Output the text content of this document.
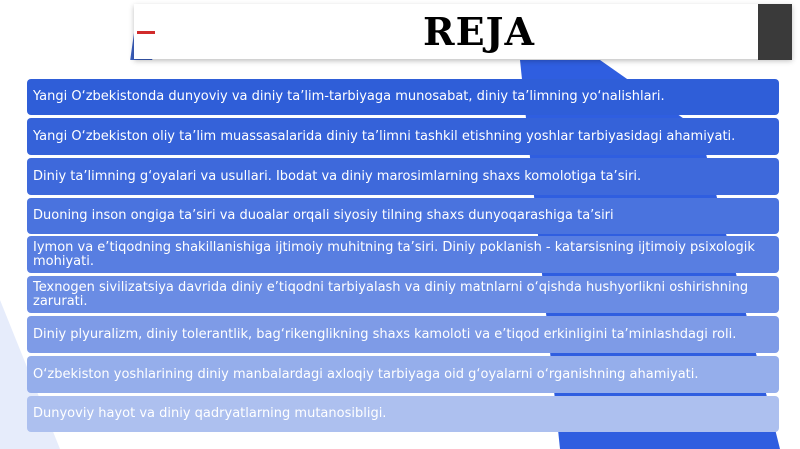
REJA
Yangi O‘zbekistonda dunyoviy va diniy ta’lim-tarbiyaga munosabat, diniy ta’limning yo‘nalishlari.
Yangi O‘zbekiston oliy ta’lim muassasalarida diniy ta’limni tashkil etishning yoshlar tarbiyasidagi ahamiyati.
Diniy ta’limning g‘oyalari va usullari. Ibodat va diniy marosimlarning shaxs komolotiga ta’siri.
Duoning inson ongiga ta’siri va duoalar orqali siyosiy tilning shaxs dunyoqarashiga ta’siri
Iymon va e’tiqodning shakillanishiga ijtimoiy muhitning ta’siri. Diniy poklanish - katarsisning ijtimoiy psixologik mohiyati.
Texnogen sivilizatsiya davrida diniy e’tiqodni tarbiyalash va diniy matnlarni o‘qishda hushyorlikni oshirishning zarurati.
Diniy plyuralizm, diniy tolerantlik, bag‘rikenglikning shaxs kamoloti va e’tiqod erkinligini ta’minlashdagi roli.
O‘zbekiston yoshlarining diniy manbalardagi axloqiy tarbiyaga oid g‘oyalarni o‘rganishning ahamiyati.
Dunyoviy hayot va diniy qadryatlarning mutanosibligi.
